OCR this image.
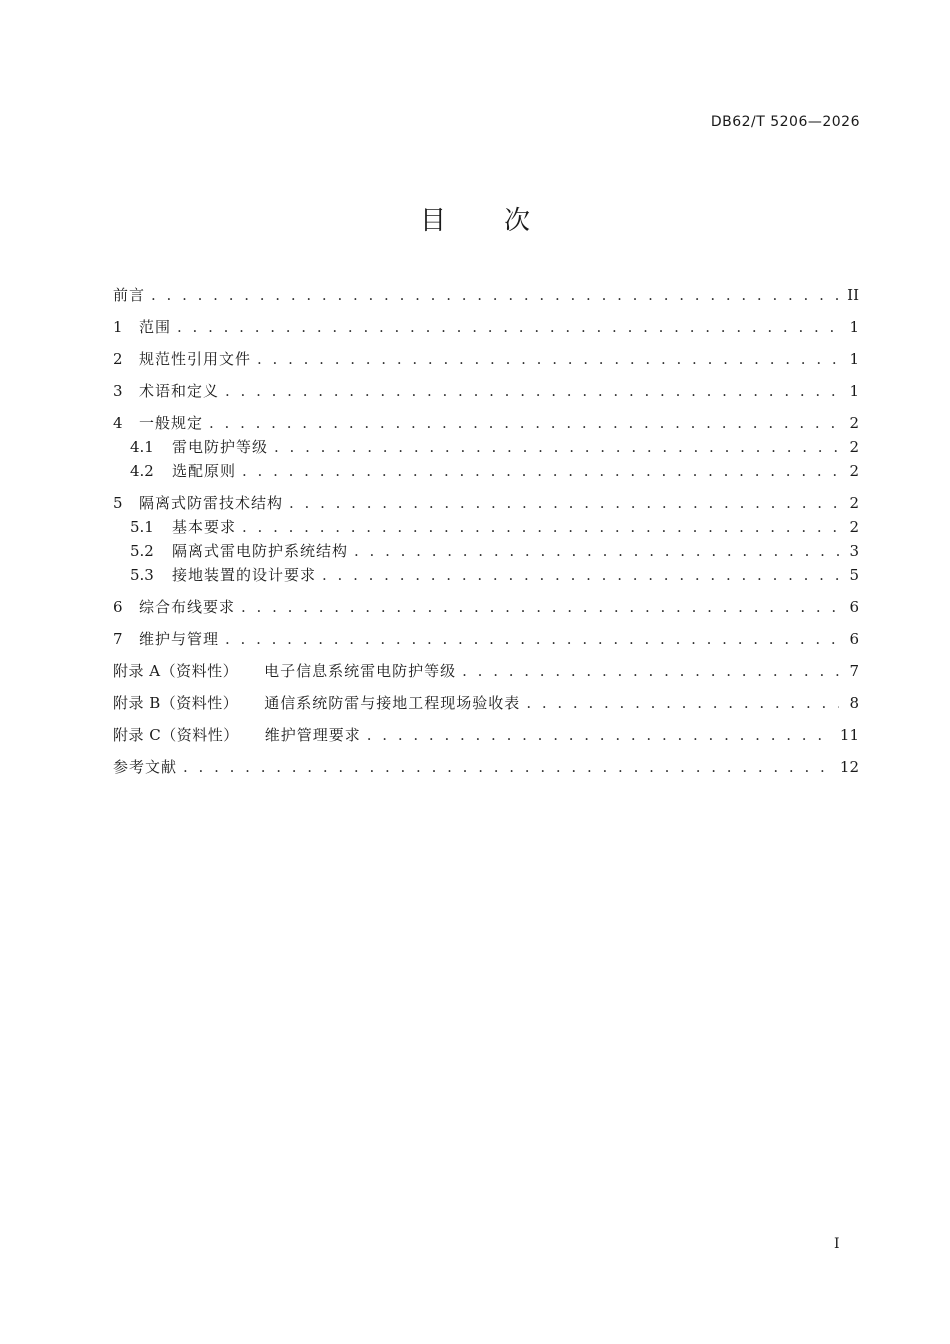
DB62/T 5206—2026
目 次
前言 . . .	II
1	范围 . . .	1
2	规范性引用文件 . . .	1
3	术语和定义 . . .	1
4	一般规定 . . .	2
4.1	雷电防护等级 . . .	2
4.2	选配原则 . . .	2
5	隔离式防雷技术结构 . . .	2
5.1	基本要求 . . .	2
5.2	隔离式雷电防护系统结构 . . .	3
5.3	接地装置的设计要求 . . .	5
6	综合布线要求 . . .	6
7	维护与管理 . . .	6
附录 A（资料性） 电子信息系统雷电防护等级 . . .	7
附录 B（资料性） 通信系统防雷与接地工程现场验收表 . . .	8
附录 C（资料性） 维护管理要求 . . .	11
参考文献 . . .	12
I
